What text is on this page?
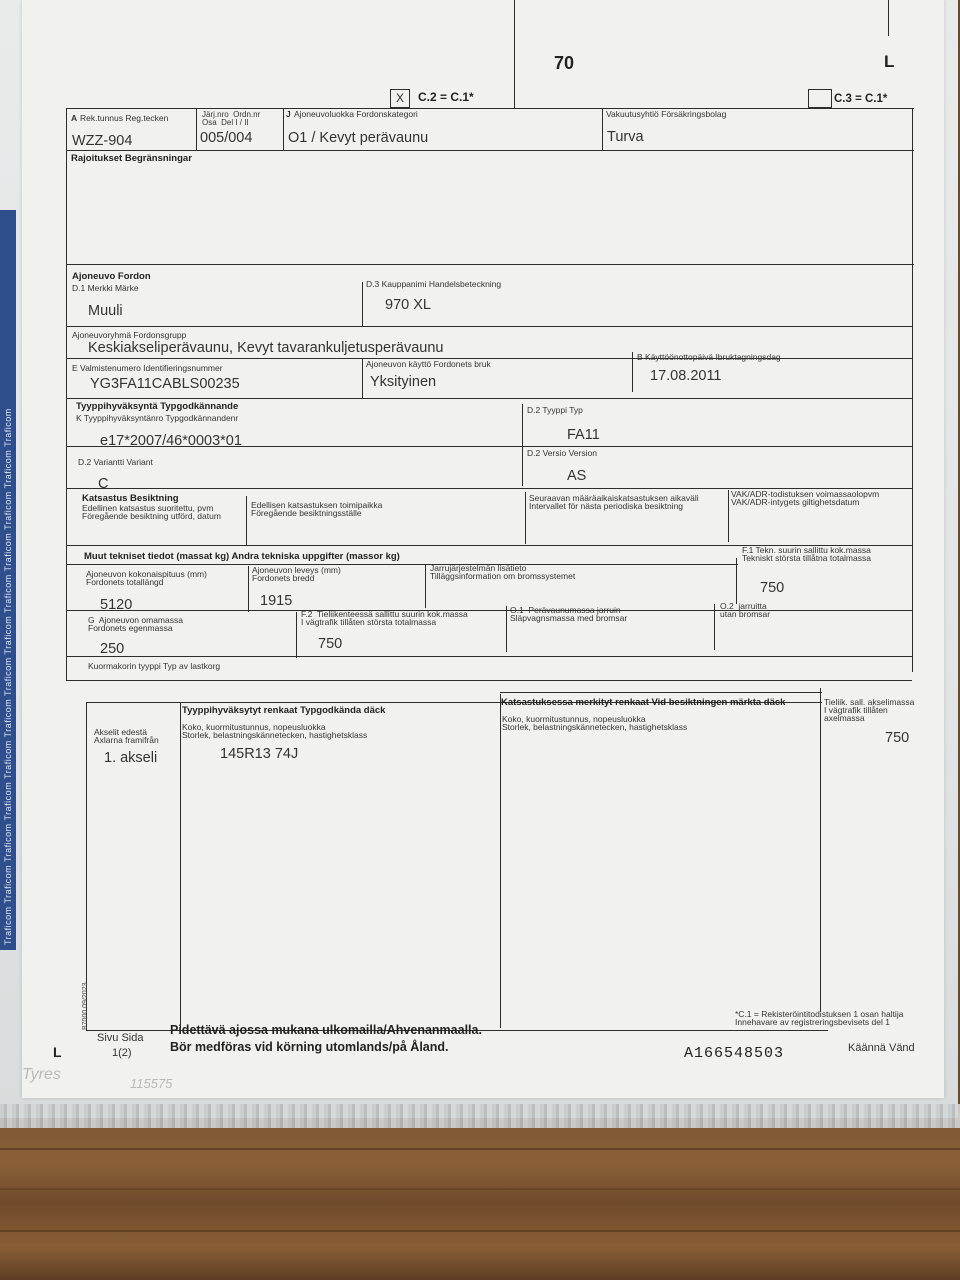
Traficom Traficom Traficom Traficom Traficom Traficom Traficom Traficom Traficom Traficom Traficom Traficom Traficom
70	L
X	C.2 = C.1*	C.3 = C.1*
A Rek.tunnus Reg.tecken
WZZ-904
Järj.nro  Ordn.nr
Osa  Del I / II
005/004
J Ajoneuvoluokka Fordonskategori
O1 / Kevyt perävaunu
Vakuutusyhtiö Försäkringsbolag
Turva
Rajoitukset Begränsningar
Ajoneuvo Fordon
D.1 Merkki Märke
Muuli
D.3 Kauppanimi Handelsbeteckning
970 XL
Ajoneuvoryhmä Fordonsgrupp
Keskiakseliperävaunu, Kevyt tavarankuljetusperävaunu
E Valmistenumero Identifieringsnummer
YG3FA11CABLS00235
Ajoneuvon käyttö Fordonets bruk
Yksityinen
B Käyttöönottopäivä Ibruktagningsdag
17.08.2011
Tyyppihyväksyntä Typgodkännande
K Tyyppihyväksyntänro Typgodkännandenr
e17*2007/46*0003*01
D.2 Tyyppi Typ
FA11
D.2 Variantti Variant
C
D.2 Versio Version
AS
Katsastus Besiktning
Edellinen katsastus suoritettu, pvm
Föregående besiktning utförd, datum
Edellisen katsastuksen toimipaikka
Föregående besiktningsställe
Seuraavan määräaikaiskatsastuksen aikaväli
Intervallet för nästa periodiska besiktning
VAK/ADR-todistuksen voimassaolopvm
VAK/ADR-intygets giltighetsdatum
Muut tekniset tiedot (massat kg) Andra tekniska uppgifter (massor kg)
Ajoneuvon kokonaispituus (mm)
Fordonets totallängd
5120
Ajoneuvon leveys (mm)
Fordonets bredd
1915
Jarrujärjestelmän lisätieto
Tilläggsinformation om bromssystemet
F.1 Tekn. suurin sallittu kok.massa
Tekniskt största tillåtna totalmassa
750
G  Ajoneuvon omamassa
Fordonets egenmassa
250
F.2  Tieliikenteessä sallittu suurin kok.massa
I vägtrafik tillåten största totalmassa
750
O.1  Perävaunumassa jarruin
Släpvagnsmassa med bromsar
O.2  jarruitta
utan bromsar
Kuormakorin tyyppi Typ av lastkorg
Akselit edestä
Axlarna framifrån
1. akseli
Tyyppihyväksytyt renkaat Typgodkända däck
Koko, kuormitustunnus, nopeusluokka
Storlek, belastningskännetecken, hastighetsklass
145R13 74J
Katsastuksessa merkityt renkaat Vid besiktningen märkta däck
Koko, kuormitustunnus, nopeusluokka
Storlek, belastningskännetecken, hastighetsklass
Tieliik. sall. akselimassa
I vägtrafik tillåten
axelmassa
750
B7000 09/2023	*C.1 = Rekisteröintitodistuksen 1 osan haltija
Innehavare av registreringsbevisets del 1
Sivu Sida
1(2)
Pidettävä ajossa mukana ulkomailla/Ahvenanmaalla.
Bör medföras vid körning utomlands/på Åland.
L	A166548503	Käännä Vänd
Tyres
115575
